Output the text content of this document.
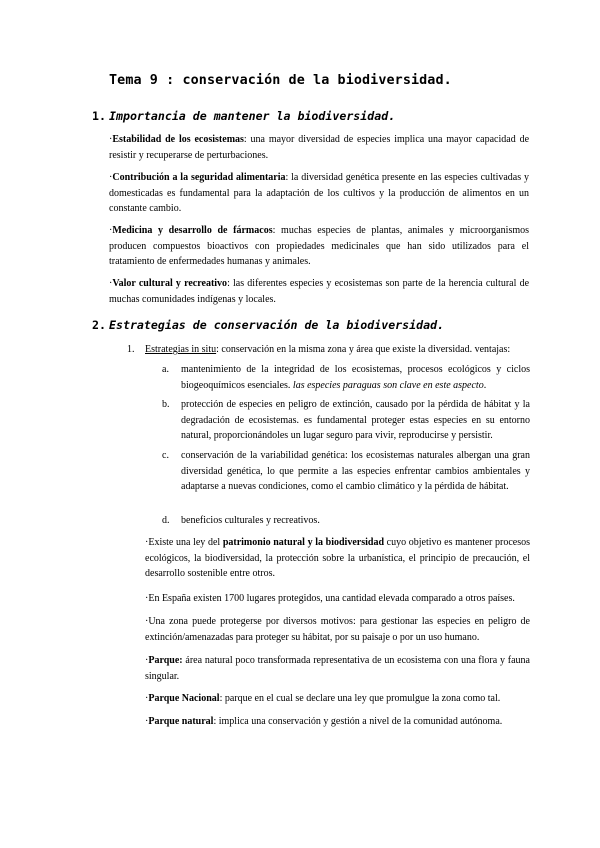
Tema 9 : conservación de la biodiversidad.
1. Importancia de mantener la biodiversidad.
·Estabilidad de los ecosistemas: una mayor diversidad de especies implica una mayor capacidad de resistir y recuperarse de perturbaciones.
·Contribución a la seguridad alimentaria: la diversidad genética presente en las especies cultivadas y domesticadas es fundamental para la adaptación de los cultivos y la producción de alimentos en un constante cambio.
·Medicina y desarrollo de fármacos: muchas especies de plantas, animales y microorganismos producen compuestos bioactivos con propiedades medicinales que han sido utilizados para el tratamiento de enfermedades humanas y animales.
·Valor cultural y recreativo: las diferentes especies y ecosistemas son parte de la herencia cultural de muchas comunidades indígenas y locales.
2. Estrategias de conservación de la biodiversidad.
1. Estrategias in situ: conservación en la misma zona y área que existe la diversidad. ventajas:
a. mantenimiento de la integridad de los ecosistemas, procesos ecológicos y ciclos biogeoquímicos esenciales. las especies paraguas son clave en este aspecto.
b. protección de especies en peligro de extinción, causado por la pérdida de hábitat y la degradación de ecosistemas. es fundamental proteger estas especies en su entorno natural, proporcionándoles un lugar seguro para vivir, reproducirse y persistir.
c. conservación de la variabilidad genética: los ecosistemas naturales albergan una gran diversidad genética, lo que permite a las especies enfrentar cambios ambientales y adaptarse a nuevas condiciones, como el cambio climático y la pérdida de hábitat.
d. beneficios culturales y recreativos.
·Existe una ley del patrimonio natural y la biodiversidad cuyo objetivo es mantener procesos ecológicos, la biodiversidad, la protección sobre la urbanística, el principio de precaución, el desarrollo sostenible entre otros.
·En España existen 1700 lugares protegidos, una cantidad elevada comparado a otros países.
·Una zona puede protegerse por diversos motivos: para gestionar las especies en peligro de extinción/amenazadas para proteger su hábitat, por su paisaje o por un uso humano.
·Parque: área natural poco transformada representativa de un ecosistema con una flora y fauna singular.
·Parque Nacional: parque en el cual se declare una ley que promulgue la zona como tal.
·Parque natural: implica una conservación y gestión a nivel de la comunidad autónoma.
